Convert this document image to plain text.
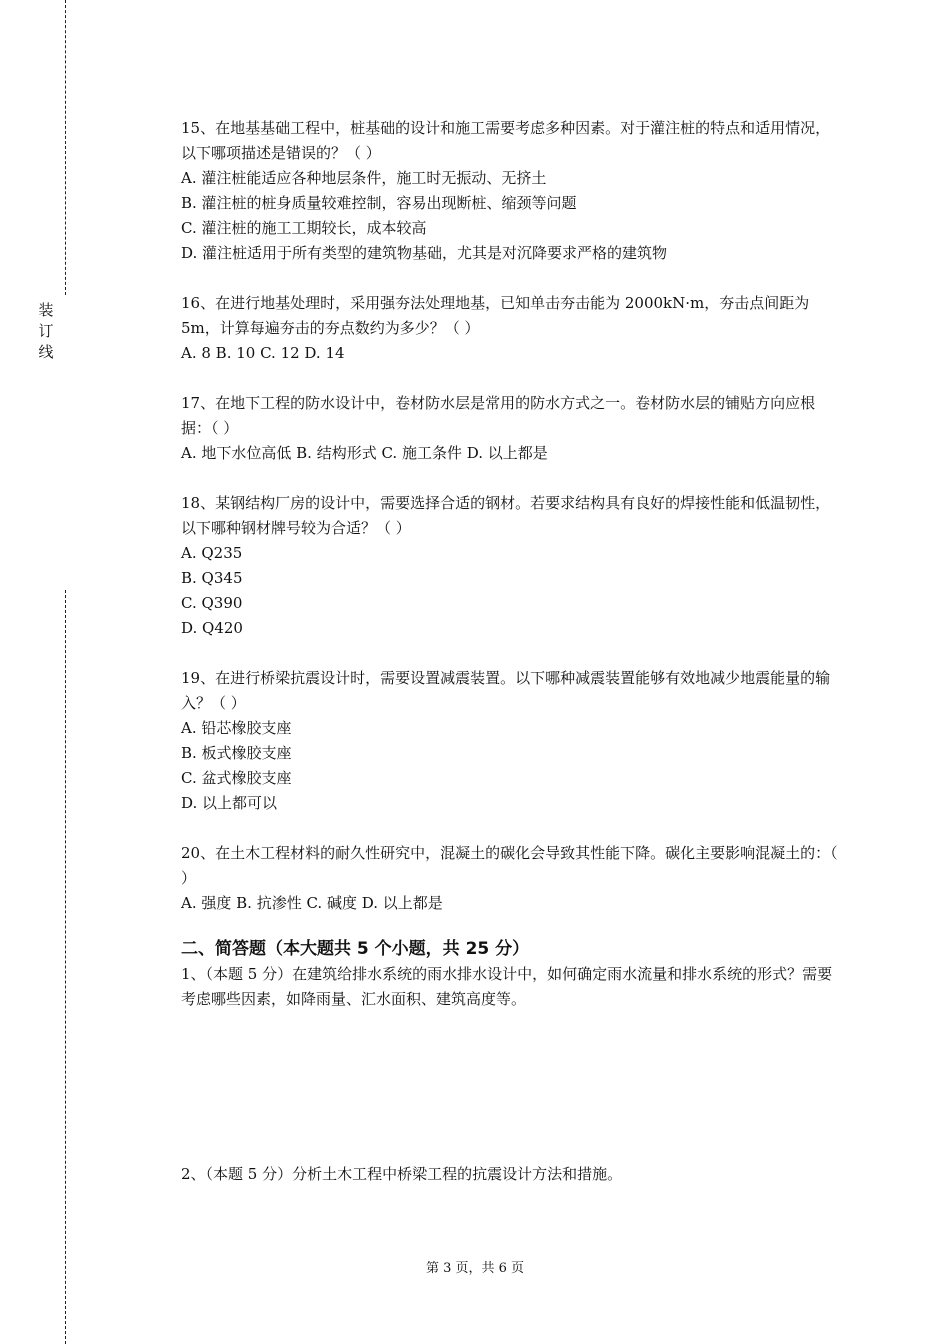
装
订
线
15、在地基基础工程中，桩基础的设计和施工需要考虑多种因素。对于灌注桩的特点和适用情况，以下哪项描述是错误的？（ ）
A. 灌注桩能适应各种地层条件，施工时无振动、无挤土
B. 灌注桩的桩身质量较难控制，容易出现断桩、缩颈等问题
C. 灌注桩的施工工期较长，成本较高
D. 灌注桩适用于所有类型的建筑物基础，尤其是对沉降要求严格的建筑物
16、在进行地基处理时，采用强夯法处理地基，已知单击夯击能为 2000kN·m，夯击点间距为 5m，计算每遍夯击的夯点数约为多少？（ ）
A. 8 B. 10 C. 12 D. 14
17、在地下工程的防水设计中，卷材防水层是常用的防水方式之一。卷材防水层的铺贴方向应根据：（ ）
A. 地下水位高低 B. 结构形式 C. 施工条件 D. 以上都是
18、某钢结构厂房的设计中，需要选择合适的钢材。若要求结构具有良好的焊接性能和低温韧性，以下哪种钢材牌号较为合适？（ ）
A. Q235
B. Q345
C. Q390
D. Q420
19、在进行桥梁抗震设计时，需要设置减震装置。以下哪种减震装置能够有效地减少地震能量的输入？（ ）
A. 铅芯橡胶支座
B. 板式橡胶支座
C. 盆式橡胶支座
D. 以上都可以
20、在土木工程材料的耐久性研究中，混凝土的碳化会导致其性能下降。碳化主要影响混凝土的：（ ）
A. 强度 B. 抗渗性 C. 碱度 D. 以上都是
二、简答题（本大题共 5 个小题，共 25 分）
1、（本题 5 分）在建筑给排水系统的雨水排水设计中，如何确定雨水流量和排水系统的形式？需要考虑哪些因素，如降雨量、汇水面积、建筑高度等。
2、（本题 5 分）分析土木工程中桥梁工程的抗震设计方法和措施。
第 3 页，共 6 页
